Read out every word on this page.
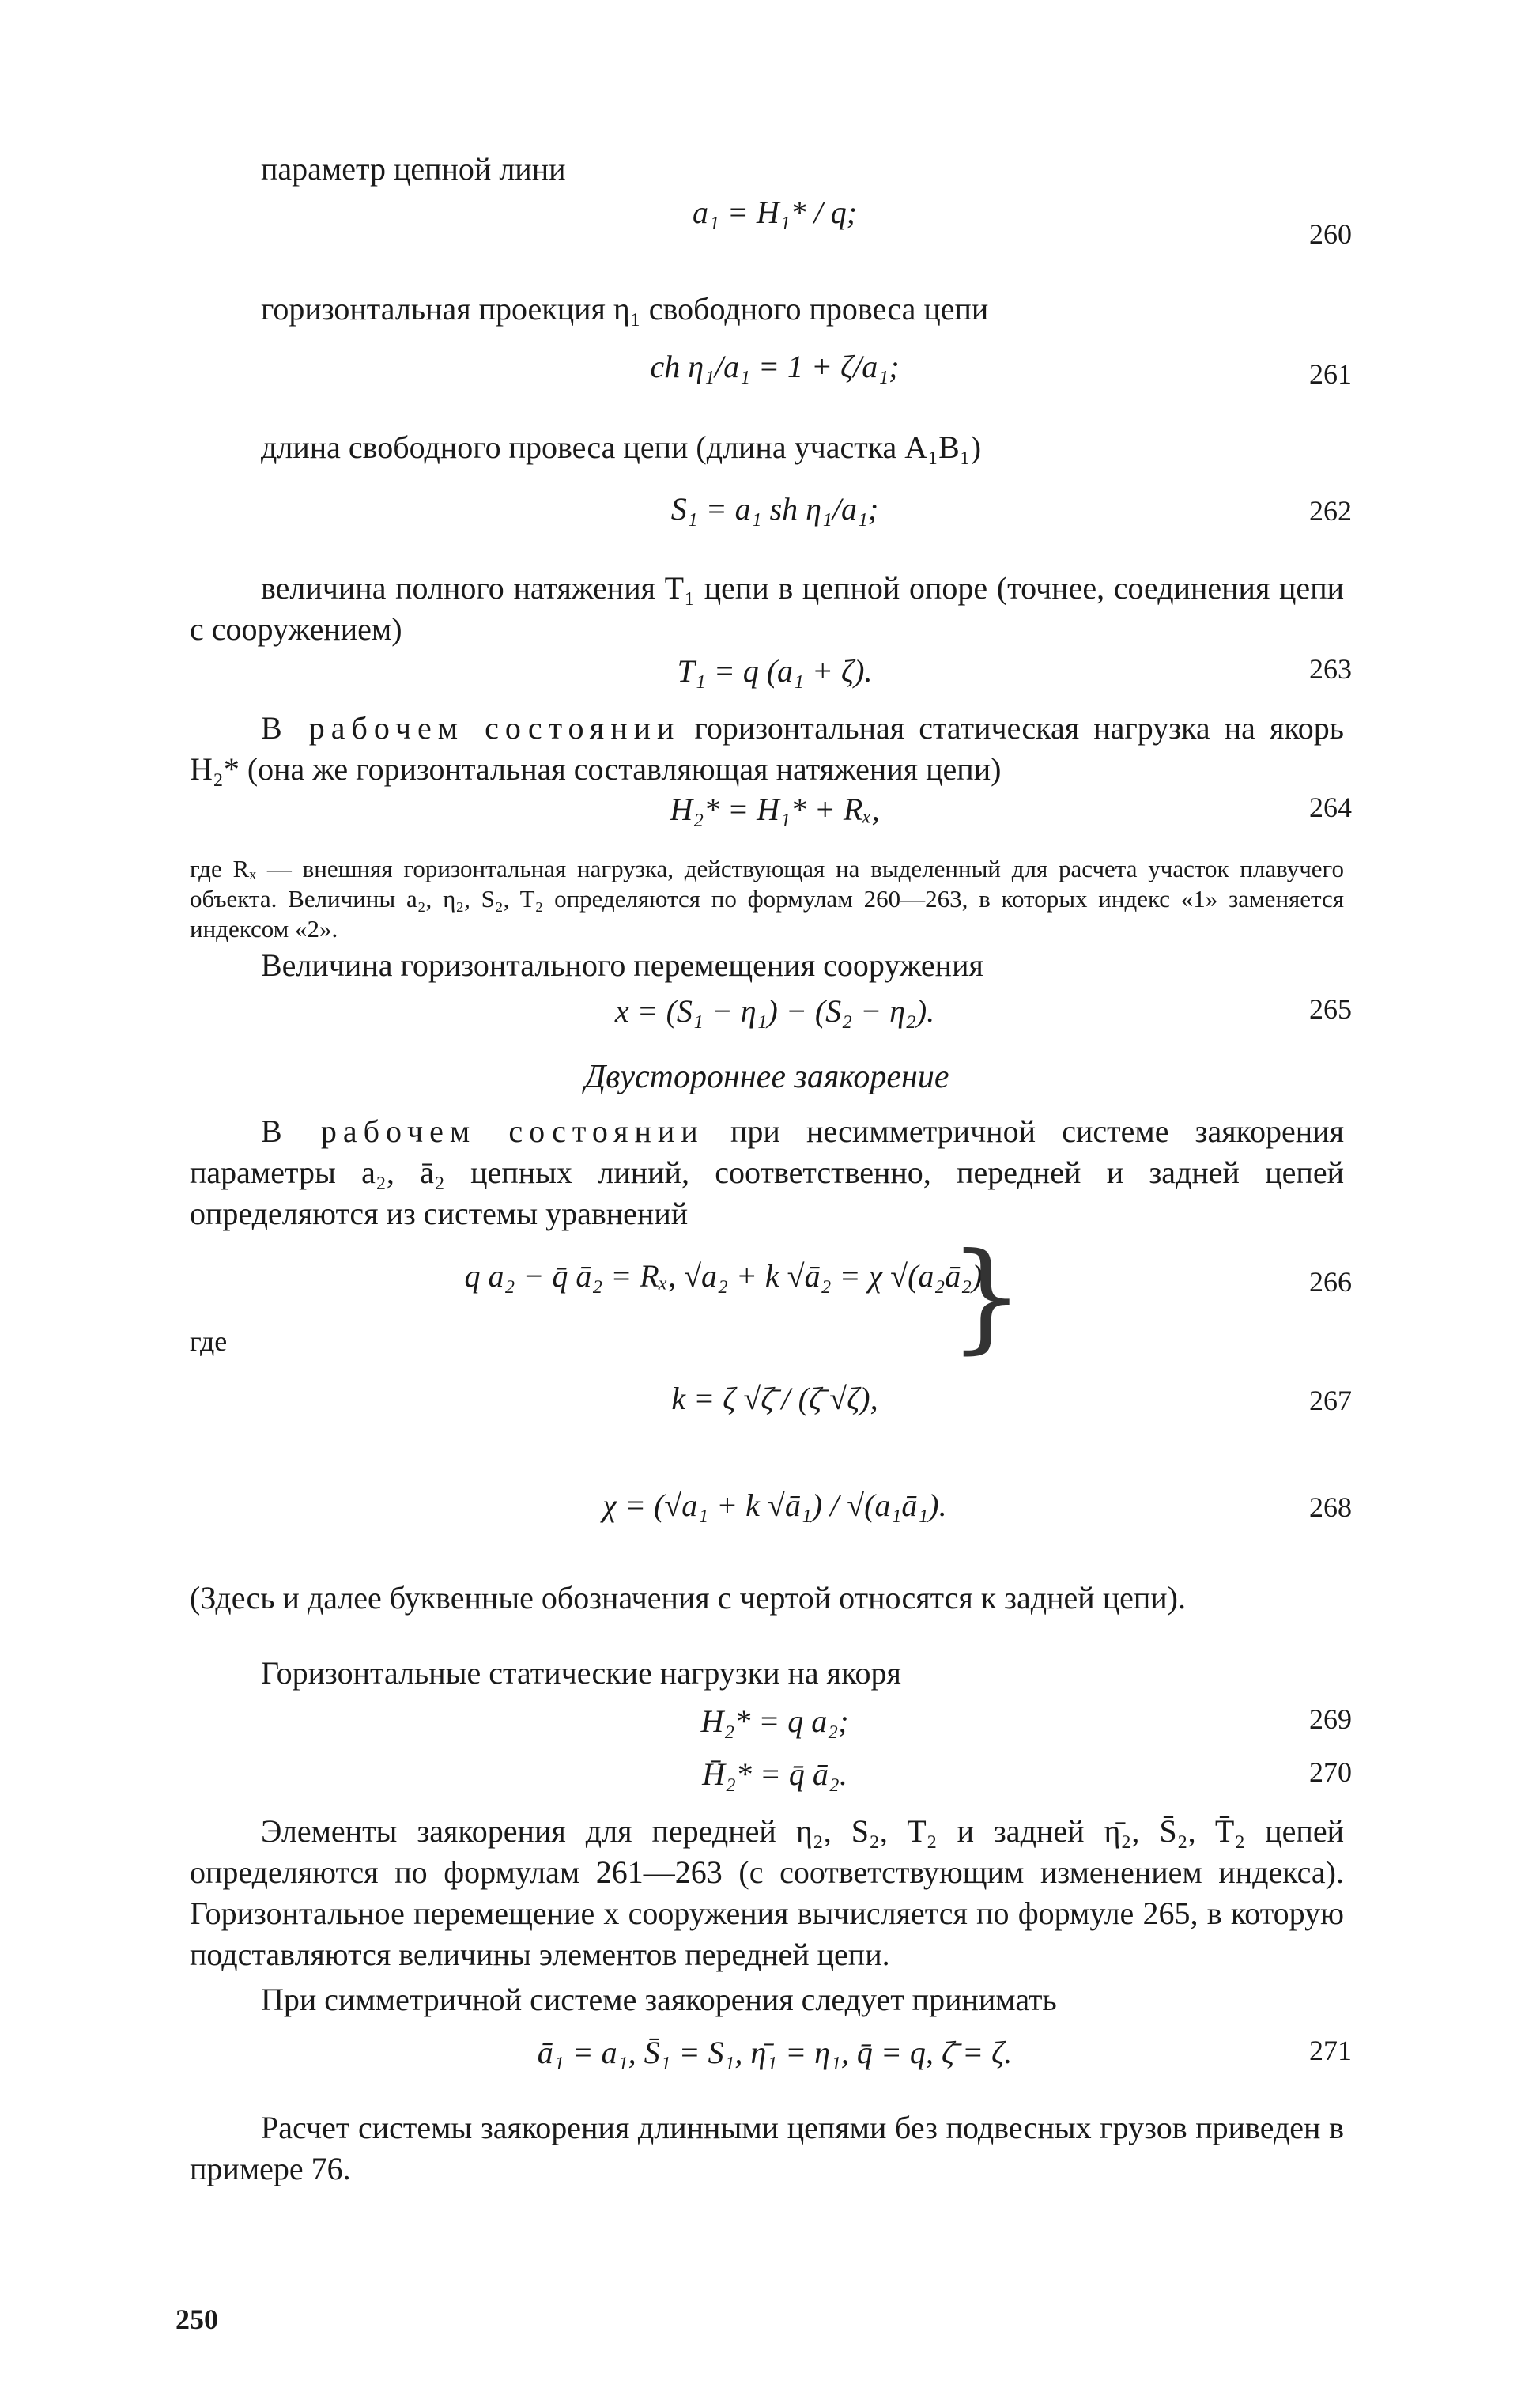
параметр цепной лини
a₁ = H₁* / q;
260
горизонтальная проекция η₁ свободного провеса цепи
ch η₁/a₁ = 1 + ζ/a₁;	261
длина свободного провеса цепи (длина участка A₁B₁)
S₁ = a₁ sh η₁/a₁;	262
величина полного натяжения T₁ цепи в цепной опоре (точнее, соединения цепи с сооружением)
T₁ = q (a₁ + ζ).	263
В рабочем состоянии горизонтальная статическая нагрузка на якорь H₂* (она же горизонтальная составляющая натяжения цепи)
H₂* = H₁* + Rₓ,	264
где Rₓ — внешняя горизонтальная нагрузка, действующая на выделенный для расчета участок плавучего объекта. Величины a₂, η₂, S₂, T₂ определяются по формулам 260—263, в которых индекс «1» заменяется индексом «2».
Величина горизонтального перемещения сооружения
x = (S₁ − η₁) − (S₂ − η₂).	265
Двустороннее заякорение
В рабочем состоянии при несимметричной системе заякорения параметры a₂, ā₂ цепных линий, соответственно, передней и задней цепей определяются из системы уравнений
q a₂ − q̄ ā₂ = Rₓ, √a₂ + k √ā₂ = χ √(a₂ā₂),
}	266
где
k = ζ √ζ̄ / (ζ̄ √ζ),	267
χ = (√a₁ + k √ā₁) / √(a₁ā₁).	268
(Здесь и далее буквенные обозначения с чертой относятся к задней цепи).
Горизонтальные статические нагрузки на якоря
H₂* = q a₂;	269
H̄₂* = q̄ ā₂.	270
Элементы заякорения для передней η₂, S₂, T₂ и задней η̄₂, S̄₂, T̄₂ цепей определяются по формулам 261—263 (с соответствующим изменением индекса). Горизонтальное перемещение x сооружения вычисляется по формуле 265, в которую подставляются величины элементов передней цепи.
При симметричной системе заякорения следует принимать
ā₁ = a₁, S̄₁ = S₁, η̄₁ = η₁, q̄ = q, ζ̄ = ζ.	271
Расчет системы заякорения длинными цепями без подвесных грузов приведен в примере 76.
250
